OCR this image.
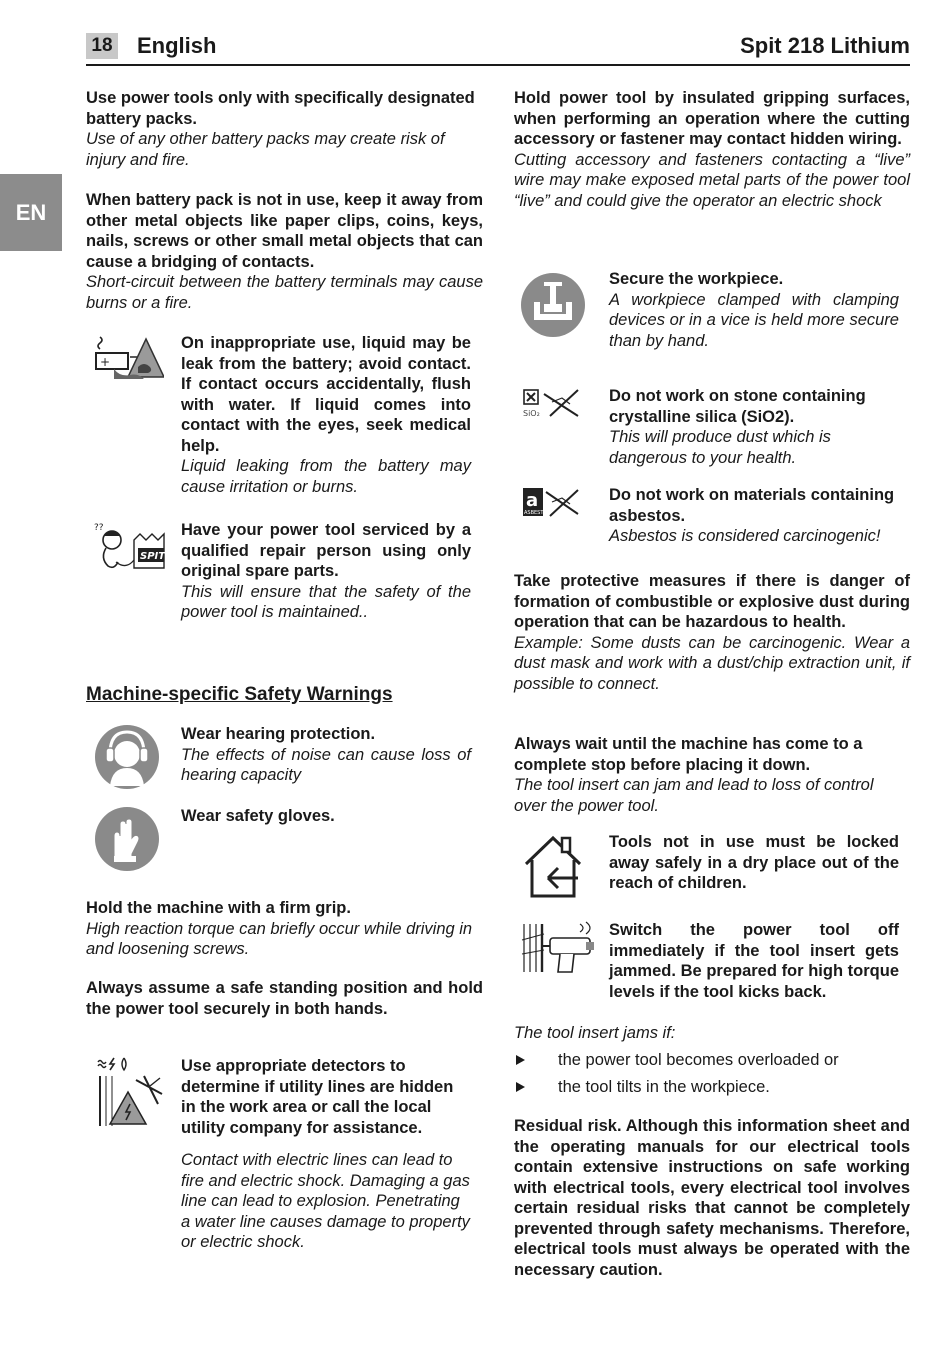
18 English	Spit 218 Lithium
EN
Use power tools only with specifically designated battery packs.
Use of any other battery packs may create risk of injury and fire.
When battery pack is not in use, keep it away from other metal objects like paper clips, coins, keys, nails, screws or other small metal objects that can cause a bridging of contacts.
Short-circuit between the battery terminals may cause burns or a fire.
+
On inappropriate use, liquid may be leak from the battery; avoid contact. If contact occurs accidentally, flush with water. If liquid comes into contact with the eyes, seek medical help.
Liquid leaking from the battery may cause irritation or burns.
??
SPIT
Have your power tool serviced by a qualified repair person using only original spare parts.
This will ensure that the safety of the power tool is maintained..
Machine-specific Safety Warnings
Wear hearing protection.
The effects of noise can cause loss of hearing capacity
Wear safety gloves.
Hold the machine with a firm grip.
High reaction torque can briefly occur while driving in and loosening screws.
Always assume a safe standing position and hold the power tool securely in both hands.
Use appropriate detectors to determine if utility lines are hidden in the work area or call the local utility company for assistance.
Contact with electric lines can lead to fire and electric shock. Damaging a gas line can lead to explosion. Penetrating a water line causes damage to property or electric shock.
Hold power tool by insulated gripping surfaces, when performing an operation where the cutting accessory or fastener may contact hidden wiring.
Cutting accessory and fasteners contacting a “live” wire may make exposed metal parts of the power tool “live” and could give the operator an electric shock
Secure the workpiece.
A workpiece clamped with clamping devices or in a vice is held more secure than by hand.
SiO₂
Do not work on stone containing crystalline silica (SiO2).
This will produce dust which is dangerous to your health.
a
ASBEST
Do not work on materials containing asbestos.
Asbestos is considered carcinogenic!
Take protective measures if there is danger of formation of combustible or explosive dust during operation that can be hazardous to health.
Example: Some dusts can be carcinogenic. Wear a dust mask and work with a dust/chip extraction unit, if possible to connect.
Always wait until the machine has come to a complete stop before placing it down.
The tool insert can jam and lead to loss of control over the power tool.
Tools not in use must be locked away safely in a dry place out of the reach of children.
Switch the power tool off immediately if the tool insert gets jammed. Be prepared for high torque levels if the tool kicks back.
The tool insert jams if:
the power tool becomes overloaded or
the tool tilts in the workpiece.
Residual risk. Although this information sheet and the operating manuals for our electrical tools contain extensive instructions on safe working with electrical tools, every electrical tool involves certain residual risks that cannot be completely prevented through safety mechanisms. Therefore, electrical tools must always be operated with the necessary caution.
